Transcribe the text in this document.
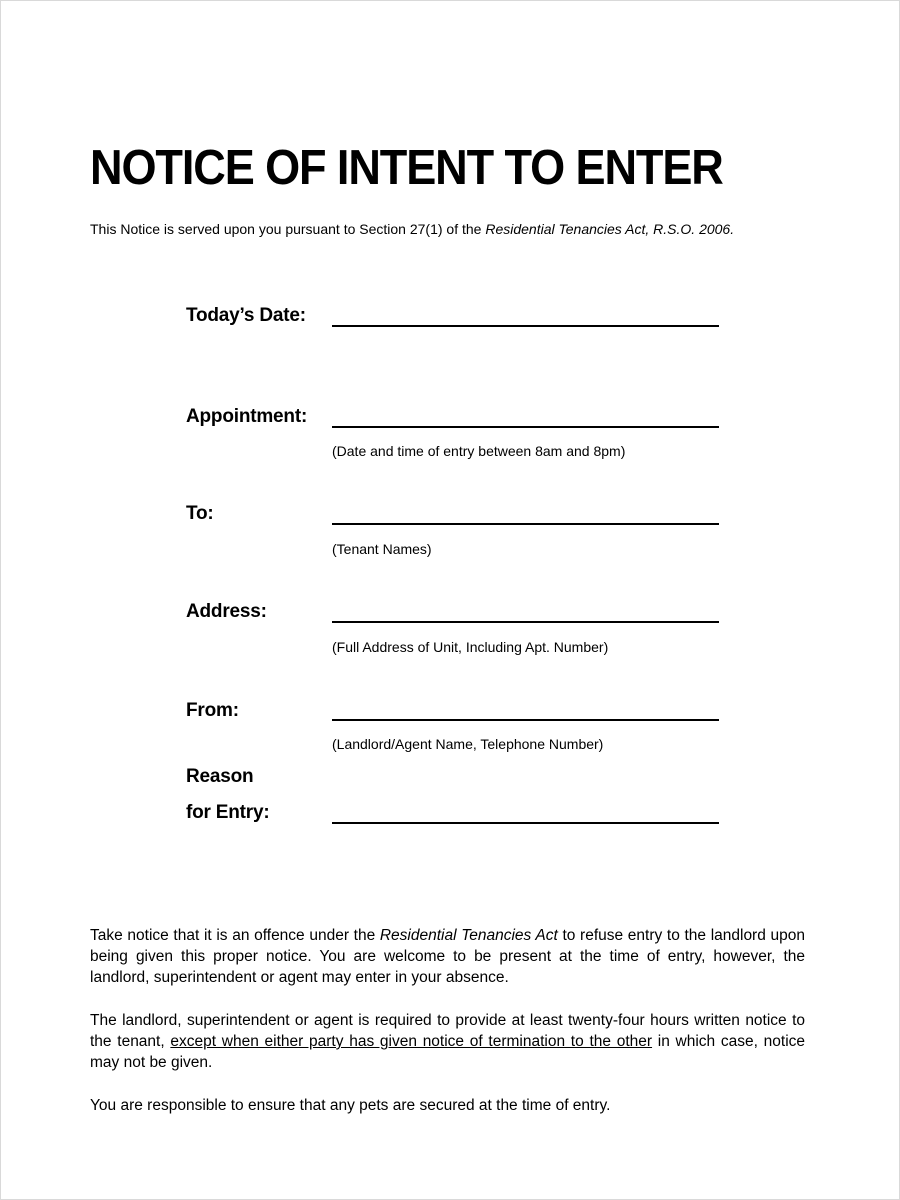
NOTICE OF INTENT TO ENTER
This Notice is served upon you pursuant to Section 27(1) of the Residential Tenancies Act, R.S.O. 2006.
Today’s Date:
Appointment:
(Date and time of entry between 8am and 8pm)
To:
(Tenant Names)
Address:
(Full Address of Unit, Including Apt. Number)
From:
(Landlord/Agent Name, Telephone Number)
Reason
for Entry:
Take notice that it is an offence under the Residential Tenancies Act to refuse entry to the landlord upon being given this proper notice. You are welcome to be present at the time of entry, however, the landlord, superintendent or agent may enter in your absence.
The landlord, superintendent or agent is required to provide at least twenty-four hours written notice to the tenant, except when either party has given notice of termination to the other in which case, notice may not be given.
You are responsible to ensure that any pets are secured at the time of entry.
